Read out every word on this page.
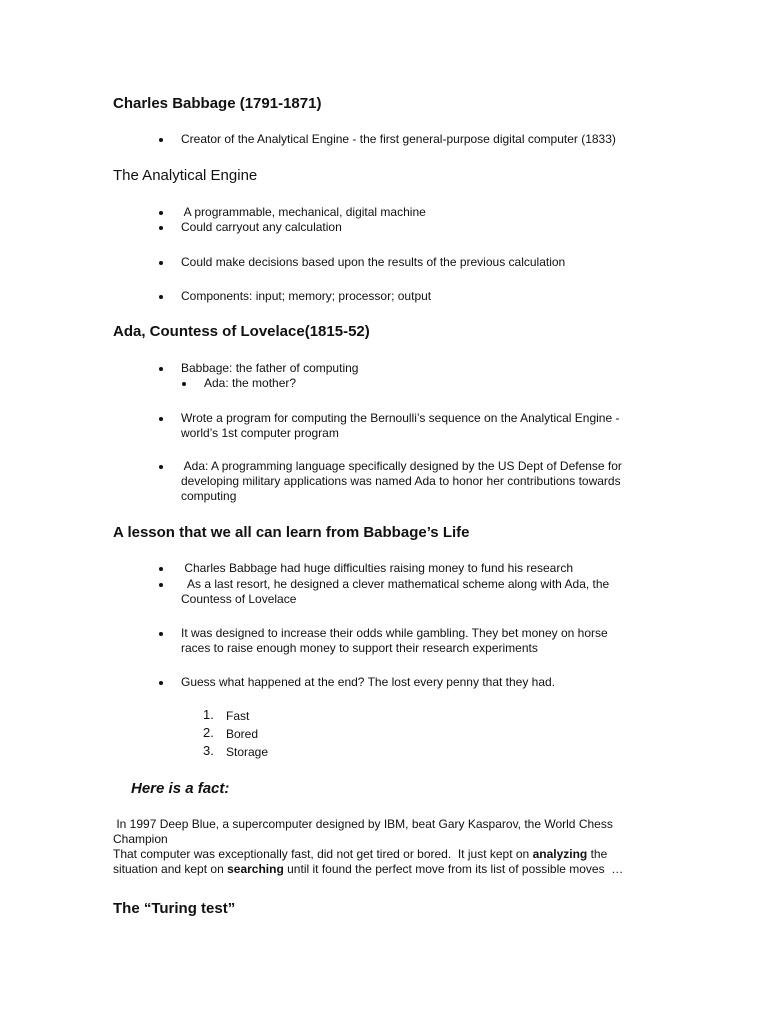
Charles Babbage (1791-1871)
Creator of the Analytical Engine - the first general-purpose digital computer (1833)
The Analytical Engine
A programmable, mechanical, digital machine
Could carryout any calculation
Could make decisions based upon the results of the previous calculation
Components: input; memory; processor; output
Ada, Countess of Lovelace(1815-52)
Babbage: the father of computing
Ada: the mother?
Wrote a program for computing the Bernoulli’s sequence on the Analytical Engine -
world’s 1st computer program
Ada: A programming language specifically designed by the US Dept of Defense for
developing military applications was named Ada to honor her contributions towards
computing
A lesson that we all can learn from Babbage’s Life
Charles Babbage had huge difficulties raising money to fund his research
As a last resort, he designed a clever mathematical scheme along with Ada, the
Countess of Lovelace
It was designed to increase their odds while gambling. They bet money on horse
races to raise enough money to support their research experiments
Guess what happened at the end? The lost every penny that they had.
1. Fast
2. Bored
3. Storage
Here is a fact:
In 1997 Deep Blue, a supercomputer designed by IBM, beat Gary Kasparov, the World Chess
Champion
That computer was exceptionally fast, did not get tired or bored.  It just kept on analyzing the
situation and kept on searching until it found the perfect move from its list of possible moves  …
The “Turing test”
